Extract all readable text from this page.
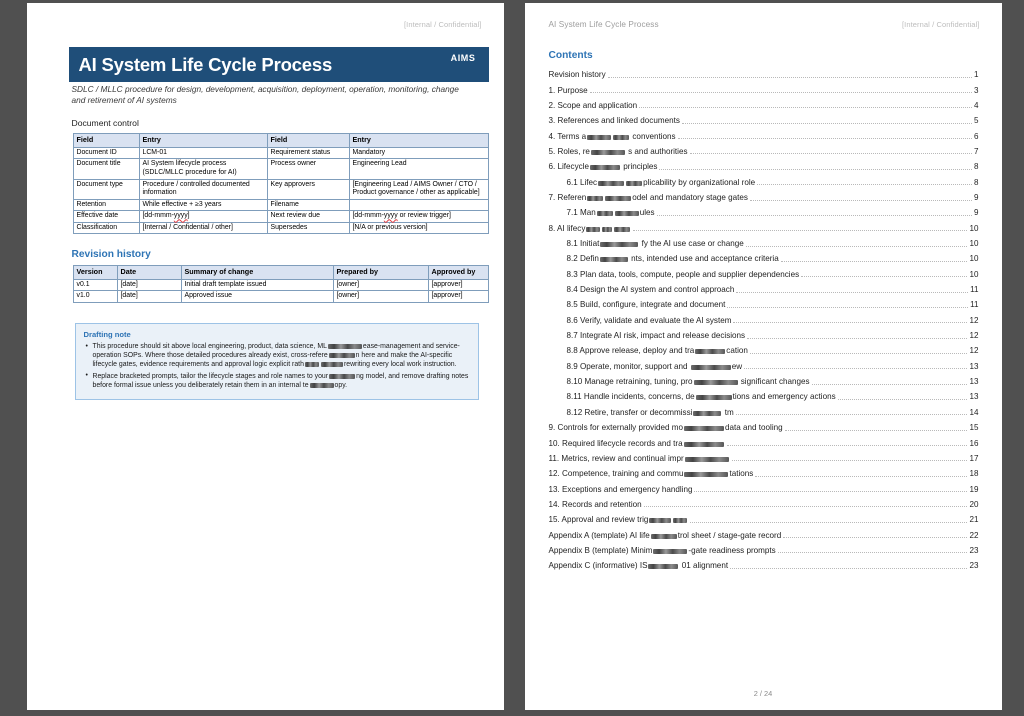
[Internal / Confidential]
AI System Life Cycle Process	AIMS
SDLC / MLLC procedure for design, development, acquisition, deployment, operation, monitoring, change and retirement of AI systems
Document control
Field	Entry	Field	Entry
Document ID	LCM-01	Requirement status	Mandatory
Document title	AI System lifecycle process (SDLC/MLLC procedure for AI)	Process owner	Engineering Lead
Document type	Procedure / controlled documented information	Key approvers	[Engineering Lead / AIMS Owner / CTO / Product governance / other as applicable]
Retention	While effective + ≥3 years	Filename	
Effective date	[dd-mmm-yyyy]	Next review due	[dd-mmm-yyyy or review trigger]
Classification	[Internal / Confidential / other]	Supersedes	[N/A or previous version]
Revision history
Version	Date	Summary of change	Prepared by	Approved by
v0.1	[date]	Initial draft template issued	[owner]	[approver]
v1.0	[date]	Approved issue	[owner]	[approver]
Drafting note
• This procedure should sit above local engineering, product, data science, ML	ease-management and service-operation SOPs. Where those detailed procedures already exist, cross-refere	n here and make the AI-specific lifecycle gates, evidence requirements and approval logic explicit rath	rewriting every local work instruction.
• Replace bracketed prompts, tailor the lifecycle stages and role names to your	ng model, and remove drafting notes before formal issue unless you deliberately retain them in an internal te	opy.
AI System Life Cycle Process	[Internal / Confidential]
Contents
Revision history	1
1. Purpose	3
2. Scope and application	4
3. References and linked documents	5
4. Terms a	conventions	6
5. Roles, re	s and authorities	7
6. Lifecycle	principles	8
6.1 Lifec	plicability by organizational role	8
7. Referen	odel and mandatory stage gates	9
7.1 Man	ules	9
8. AI lifecy	10
8.1 Initiat	fy the AI use case or change	10
8.2 Defin	nts, intended use and acceptance criteria	10
8.3 Plan data, tools, compute, people and supplier dependencies	10
8.4 Design the AI system and control approach	11
8.5 Build, configure, integrate and document	11
8.6 Verify, validate and evaluate the AI system	12
8.7 Integrate AI risk, impact and release decisions	12
8.8 Approve release, deploy and tra	cation	12
8.9 Operate, monitor, support and	ew	13
8.10 Manage retraining, tuning, pro	significant changes	13
8.11 Handle incidents, concerns, de	tions and emergency actions	13
8.12 Retire, transfer or decommissi	tm	14
9. Controls for externally provided mo	data and tooling	15
10. Required lifecycle records and tra	16
11. Metrics, review and continual impr	17
12. Competence, training and commu	tations	18
13. Exceptions and emergency handling	19
14. Records and retention	20
15. Approval and review trig	21
Appendix A (template) AI life	trol sheet / stage-gate record	22
Appendix B (template) Minim	-gate readiness prompts	23
Appendix C (informative) IS	01 alignment	23
2 / 24
